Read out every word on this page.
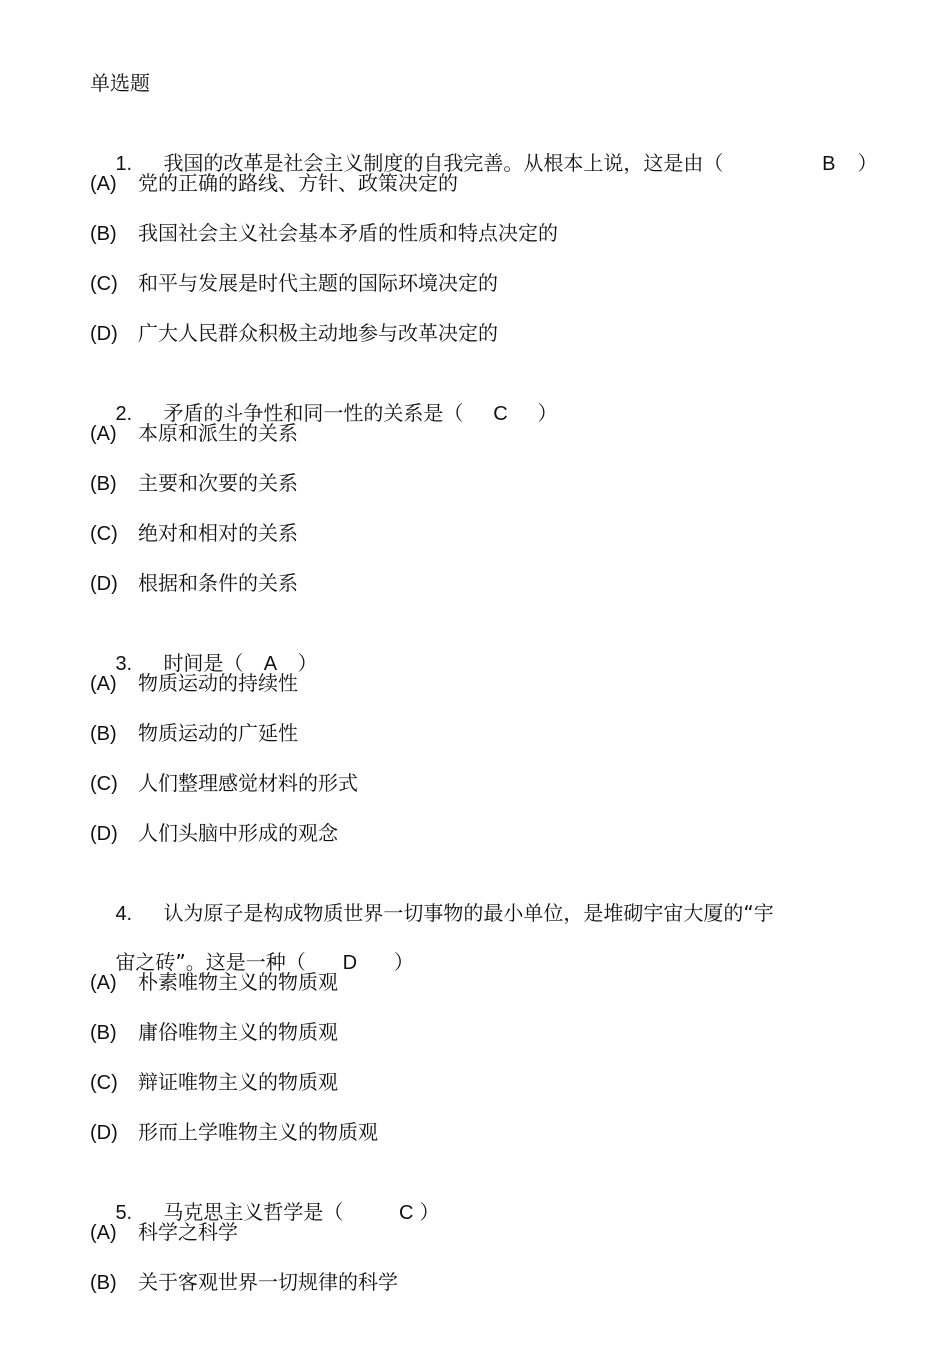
单选题

1. 我国的改革是社会主义制度的自我完善。从根本上说，这是由（	B ）

(A) 党的正确的路线、方针、政策决定的
(B) 我国社会主义社会基本矛盾的性质和特点决定的
(C) 和平与发展是时代主题的国际环境决定的
(D) 广大人民群众积极主动地参与改革决定的

2. 矛盾的斗争性和同一性的关系是（ C ）

(A) 本原和派生的关系
(B) 主要和次要的关系
(C) 绝对和相对的关系
(D) 根据和条件的关系

3. 时间是（ A ）

(A) 物质运动的持续性
(B) 物质运动的广延性
(C) 人们整理感觉材料的形式
(D) 人们头脑中形成的观念

4. 认为原子是构成物质世界一切事物的最小单位，是堆砌宇宙大厦的“宇

宙之砖”。这是一种（ D ）

(A) 朴素唯物主义的物质观
(B) 庸俗唯物主义的物质观
(C) 辩证唯物主义的物质观
(D) 形而上学唯物主义的物质观

5. 马克思主义哲学是（	C ）

(A) 科学之科学
(B) 关于客观世界一切规律的科学
